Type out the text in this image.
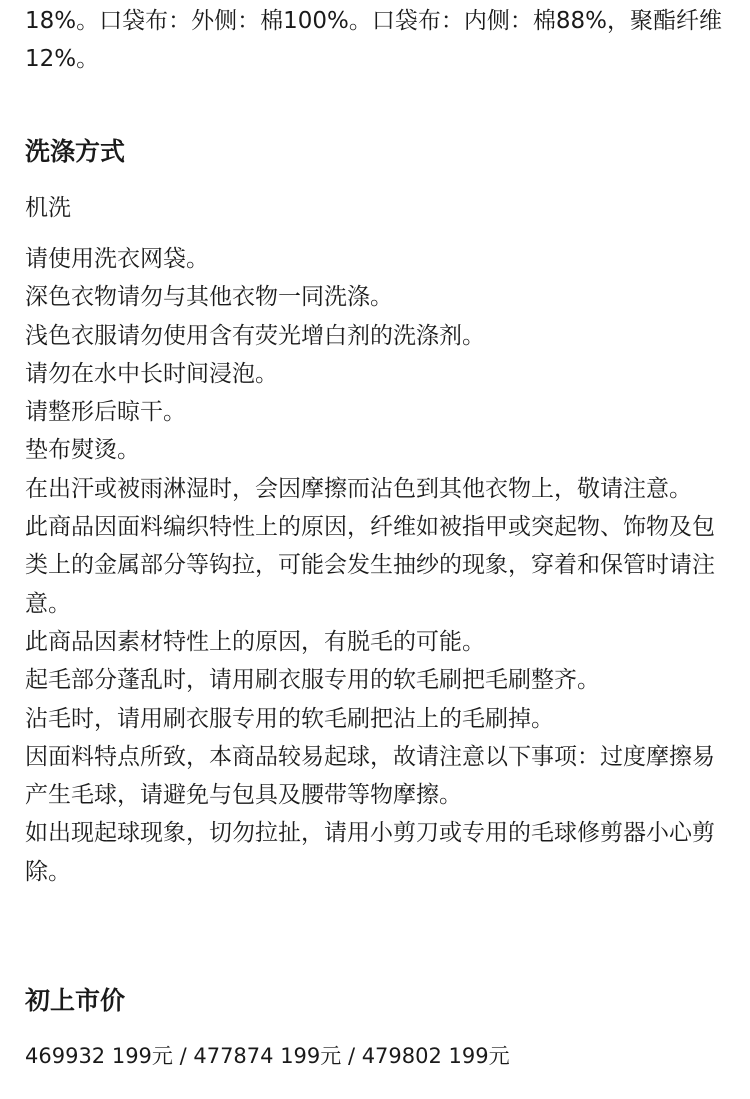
18%。口袋布：外侧：棉100%。口袋布：内侧：棉88%，聚酯纤维12%。

洗涤方式

机洗

请使用洗衣网袋。
深色衣物请勿与其他衣物一同洗涤。
浅色衣服请勿使用含有荧光增白剂的洗涤剂。
请勿在水中长时间浸泡。
请整形后晾干。
垫布熨烫。
在出汗或被雨淋湿时，会因摩擦而沾色到其他衣物上，敬请注意。
此商品因面料编织特性上的原因，纤维如被指甲或突起物、饰物及包类上的金属部分等钩拉，可能会发生抽纱的现象，穿着和保管时请注意。
此商品因素材特性上的原因，有脱毛的可能。
起毛部分蓬乱时，请用刷衣服专用的软毛刷把毛刷整齐。
沾毛时，请用刷衣服专用的软毛刷把沾上的毛刷掉。
因面料特点所致，本商品较易起球，故请注意以下事项：过度摩擦易产生毛球，请避免与包具及腰带等物摩擦。
如出现起球现象，切勿拉扯，请用小剪刀或专用的毛球修剪器小心剪除。
初上市价

469932 199元 / 477874 199元 / 479802 199元
